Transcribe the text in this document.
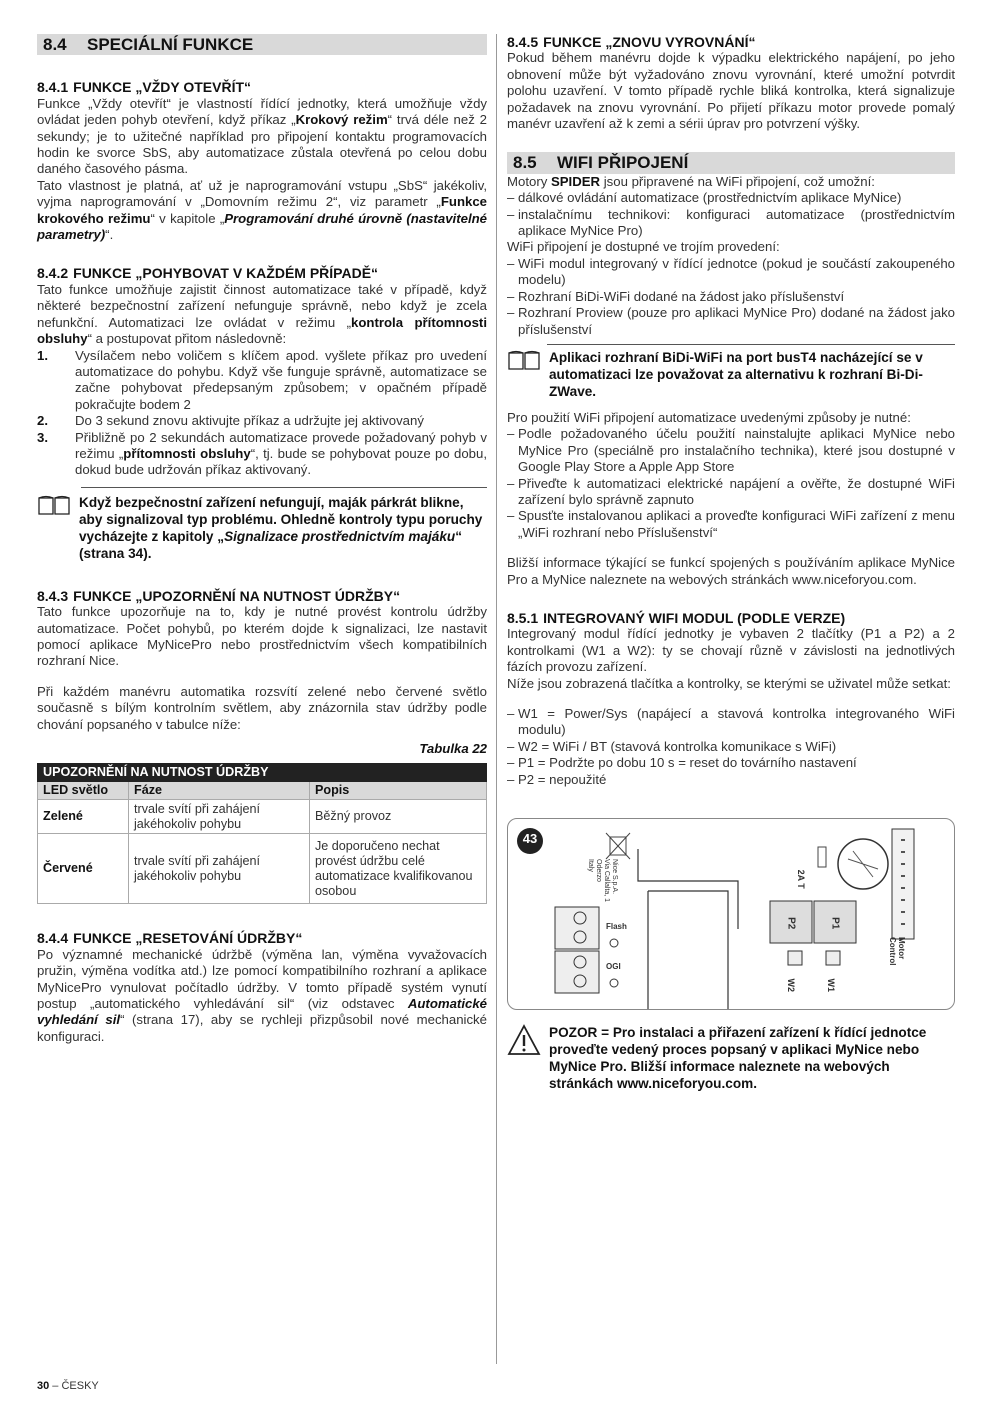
8.4 SPECIÁLNÍ FUNKCE
8.4.1 FUNKCE „VŽDY OTEVŘÍT“

Funkce „Vždy otevřít“ je vlastností řídící jednotky, která umožňuje vždy ovládat jeden pohyb otevření, když příkaz „Krokový režim“ trvá déle než 2 sekundy; je to užitečné například pro připojení kontaktu programovacích hodin ke svorce SbS, aby automatizace zůstala otevřená po celou dobu daného časového pásma.

Tato vlastnost je platná, ať už je naprogramování vstupu „SbS“ jakékoliv, vyjma naprogramování v „Domovním režimu 2“, viz parametr „Funkce krokového režimu“ v kapitole „Programování druhé úrovně (nastavitelné parametry)“.

8.4.2 FUNKCE „POHYBOVAT V KAŽDÉM PŘÍPADĚ“

Tato funkce umožňuje zajistit činnost automatizace také v případě, když některé bezpečnostní zařízení nefunguje správně, nebo když je zcela nefunkční. Automatizaci lze ovládat v režimu „kontrola přítomnosti obsluhy“ a postupovat přitom následovně:

1.	Vysílačem nebo voličem s klíčem apod. vyšlete příkaz pro uvedení automatizace do pohybu. Když vše funguje správně, automatizace se začne pohybovat předepsaným způsobem; v opačném případě pokračujte bodem 2
2.	Do 3 sekund znovu aktivujte příkaz a udržujte jej aktivovaný
3.	Přibližně po 2 sekundách automatizace provede požadovaný pohyb v režimu „přítomnosti obsluhy“, tj. bude se pohybovat pouze po dobu, dokud bude udržován příkaz aktivovaný.
Když bezpečnostní zařízení nefungují, maják párkrát blikne, aby signalizoval typ problému. Ohledně kontroly typu poruchy vycházejte z kapitoly „Signalizace prostřednictvím majáku“ (strana 34).
8.4.3 FUNKCE „UPOZORNĚNÍ NA NUTNOST ÚDRŽBY“

Tato funkce upozorňuje na to, kdy je nutné provést kontrolu údržby automatizace. Počet pohybů, po kterém dojde k signalizaci, lze nastavit pomocí aplikace MyNicePro nebo prostřednictvím všech kompatibilních rozhraní Nice.

Při každém manévru automatika rozsvítí zelené nebo červené světlo současně s bílým kontrolním světlem, aby znázornila stav údržby podle chování popsaného v tabulce níže:

Tabulka 22
UPOZORNĚNÍ NA NUTNOST ÚDRŽBY		
LED světlo	Fáze	Popis
Zelené	trvale svítí při zahájení jakéhokoliv pohybu	Běžný provoz
Červené	trvale svítí při zahájení jakéhokoliv pohybu	Je doporučeno nechat provést údržbu celé automatizace kvalifikovanou osobou
8.4.4 FUNKCE „RESETOVÁNÍ ÚDRŽBY“

Po významné mechanické údržbě (výměna lan, výměna vyvažovacích pružin, výměna vodítka atd.) lze pomocí kompatibilního rozhraní a aplikace MyNicePro vynulovat počítadlo údržby. V tomto případě systém vynutí postup „automatického vyhledávání sil“ (viz odstavec Automatické vyhledání sil“ (strana 17), aby se rychleji přizpůsobil nové mechanické konfiguraci.

8.4.5 FUNKCE „ZNOVU VYROVNÁNÍ“

Pokud během manévru dojde k výpadku elektrického napájení, po jeho obnovení může být vyžadováno znovu vyrovnání, které umožní potvrdit polohu uzavření. V tomto případě rychle bliká kontrolka, která signalizuje požadavek na znovu vyrovnání. Po přijetí příkazu motor provede pomalý manévr uzavření až k zemi a sérii úprav pro potvrzení výšky.

8.5 WIFI PŘIPOJENÍ

Motory SPIDER jsou připravené na WiFi připojení, což umožní:

– dálkové ovládání automatizace (prostřednictvím aplikace MyNice)
– instalačnímu technikovi: konfiguraci automatizace (prostřednictvím aplikace MyNice Pro)

WiFi připojení je dostupné ve trojím provedení:

– WiFi modul integrovaný v řídící jednotce (pokud je součástí zakoupeného modelu)
– Rozhraní BiDi-WiFi dodané na žádost jako příslušenství
– Rozhraní Proview (pouze pro aplikaci MyNice Pro) dodané na žádost jako příslušenství
Aplikaci rozhraní BiDi-WiFi na port busT4 nacházející se v automatizaci lze považovat za alternativu k rozhraní Bi-Di-ZWave.

Pro použití WiFi připojení automatizace uvedenými způsoby je nutné:

– Podle požadovaného účelu použití nainstalujte aplikaci MyNice nebo MyNice Pro (speciálně pro instalačního technika), které jsou dostupné v Google Play Store a Apple App Store
– Přiveďte k automatizaci elektrické napájení a ověřte, že dostupné WiFi zařízení bylo správně zapnuto
– Spusťte instalovanou aplikaci a proveďte konfiguraci WiFi zařízení z menu „WiFi rozhraní nebo Příslušenství“

Bližší informace týkající se funkcí spojených s používáním aplikace MyNice Pro a MyNice naleznete na webových stránkách www.niceforyou.com.

8.5.1 INTEGROVANÝ WIFI MODUL (PODLE VERZE)

Integrovaný modul řídící jednotky je vybaven 2 tlačítky (P1 a P2) a 2 kontrolkami (W1 a W2): ty se chovají různě v závislosti na jednotlivých fázích provozu zařízení.

Níže jsou zobrazená tlačítka a kontrolky, se kterými se uživatel může setkat:

– W1 = Power/Sys (napájecí a stavová kontrolka integrovaného WiFi modulu)
– W2 = WiFi / BT (stavová kontrolka komunikace s WiFi)
– P1 = Podržte po dobu 10 s = reset do továrního nastavení
– P2 = nepoužité
43
Flash
OGI
2A T
P2	P1
W2	W1
Motor Control
Nice S.p.A.
Via Callalta, 1
Oderzo
Italy
POZOR = Pro instalaci a přiřazení zařízení k řídící jednotce proveďte vedený proces popsaný v aplikaci MyNice nebo MyNice Pro. Bližší informace naleznete na webových stránkách www.niceforyou.com.
30 – ČESKY
